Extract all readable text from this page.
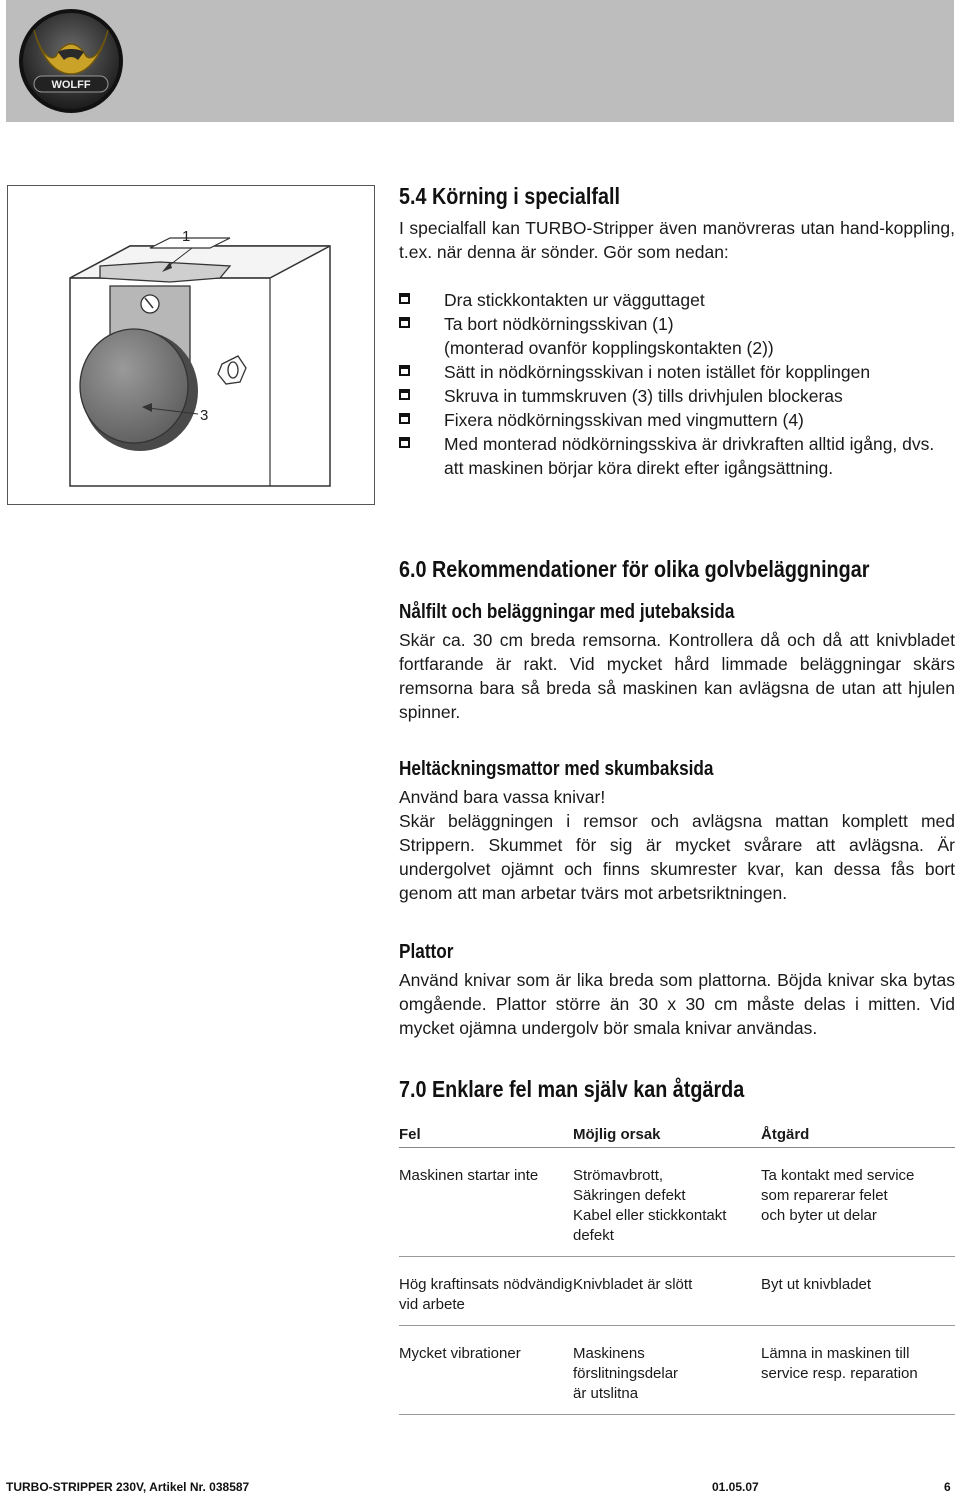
WOLFF
1
3
5.4 Körning i specialfall

I specialfall kan TURBO-Stripper även manövreras utan hand-koppling, t.ex. när denna är sönder. Gör som nedan:

Dra stickkontakten ur vägguttaget
Ta bort nödkörningsskivan (1)
(monterad ovanför kopplingskontakten (2))
Sätt in nödkörningsskivan i noten istället för kopplingen
Skruva in tummskruven (3) tills drivhjulen blockeras
Fixera nödkörningsskivan med vingmuttern (4)
Med monterad nödkörningsskiva är drivkraften alltid igång, dvs. att maskinen börjar köra direkt efter igångsättning.
6.0 Rekommendationer för olika golvbeläggningar
Nålfilt och beläggningar med jutebaksida

Skär ca. 30 cm breda remsorna. Kontrollera då och då att knivbladet fortfarande är rakt. Vid mycket hård limmade beläggningar skärs remsorna bara så breda så maskinen kan avlägsna de utan att hjulen spinner.

Heltäckningsmattor med skumbaksida

Använd bara vassa knivar!

Skär beläggningen i remsor och avlägsna mattan komplett med Strippern. Skummet för sig är mycket svårare att avlägsna. Är undergolvet ojämnt och finns skumrester kvar, kan dessa fås bort genom att man arbetar tvärs mot arbetsriktningen.

Plattor

Använd knivar som är lika breda som plattorna. Böjda knivar ska bytas omgående. Plattor större än 30 x 30 cm måste delas i mitten. Vid mycket ojämna undergolv bör smala knivar användas.

7.0 Enklare fel man själv kan åtgärda
Fel	Möjlig orsak	Åtgärd
Maskinen startar inte	Strömavbrott,
Säkringen defekt
Kabel eller stickkontakt
defekt	Ta kontakt med service
som reparerar felet
och byter ut delar
Hög kraftinsats nödvändig vid arbete	Knivbladet är slött	Byt ut knivbladet
Mycket vibrationer	Maskinens
förslitningsdelar
är utslitna	Lämna in maskinen till
service resp. reparation
TURBO-STRIPPER 230V, Artikel Nr. 038587	01.05.07	6
